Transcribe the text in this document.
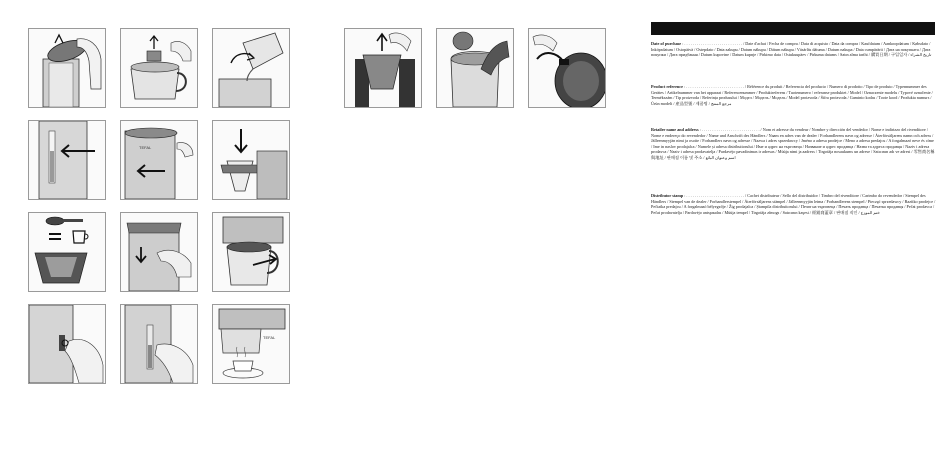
TEFAL
TEFAL

Date of purchase : . . . . . . . . . . . . . . . . . . . . . . . . . . . . / Date d'achat / Fecha de compra / Data di acquisto / Data da compra / Kaufdatum / Aankoopdatum / Købsdato / Inköpsdatum / Ostopäivä / Ostepdato / Data zakupu / Datum nákupu / Dátum nákupu / Vásárlás dátuma / Datum nakupa / Data cumpărării / Дата на покупката / Дата покупки / Дата придбання / Datum kupovine / Datum kupnje / Pirkimo data / Ostukuupäev / Pirkuma datums / Satın alma tarihi / 購買日期 / 구입일자 / تاريخ الشراء

Product reference : . . . . . . . . . . . . . . . . . . . . . . . . . . . . / Référence du produit / Referencia del producto / Numero di prodotto / Tipo de produto / Typennummer des Gerätes / Artikelnummer van het apparaat / Referencenummer / Produktreferens / Tuotenumero / referanse produktet / Model / Oznaczenie modelu / Typové označenie / Termékszám / Tip proizvoda / Referința produsului / Модел / Модель / Модель / Model proizvoda / Šifra proizvoda / Gaminio kodas / Toote kood / Produkta numurs / Ürün modeli / 產品型號 / 제품명 / مرجع المنتج

Retailer name and address : . . . . . . . . . . . . . . . . . . . . . . . . . . . . / Nom et adresse du vendeur / Nombre y dirección del vendedor / Nome e indirizzo del rivenditore / Nome e endereço do revendedor / Name und Anschrift des Händlers / Naam en adres van de dealer / Forhandlerens navn og adresse / Återförsäljarens namn och adress / Jälleenmyyjän nimi ja osoite / Forhandlers navn og adresse / Nazwa i adres sprzedawcy / Jméno a adresa prodejce / Meno a adresa predajcu / A forgalmazó neve és címe / Ime in naslov prodajalca / Numele și adresa distribuitorului / Име и адрес на търговеца / Название и адрес продавца / Назва та адреса продавця / Naziv i adresa prodavca / Naziv i adresa prodavatelja / Pardavėjo pavadinimas ir adresas / Müüja nimi ja aadress / Tirgotāja nosaukums un adrese / Satıcının adı ve adresi / 零售商名稱與地址 / 판매점 이름 및 주소 / اسم وعنوان البائع

Distributor stamp : . . . . . . . . . . . . . . . . . . . . . . . . . . . . / Cachet distributeur / Sello del distribuidor / Timbro del rivenditore / Carimbo do revendedor / Stempel des Händlers / Stempel van de dealer / Forhandlerstempel / Återförsäljarens stämpel / Jälleenmyyjän leima / Forhandlerens stempel / Pieczęć sprzedawcy / Razítko prodejce / Pečiatka predajcu / A forgalmazó bélyegzője / Žig prodajalca / Ștampila distribuitorului / Печат на търговеца / Печать продавца / Печатка продавця / Pečat prodavca / Pečat prodavatelja / Pardavėjo antspaudas / Müüja tempel / Tirgotāja zīmogs / Satıcının kaşesi / 經銷商蓋章 / 판매점 직인 / ختم الموزع
